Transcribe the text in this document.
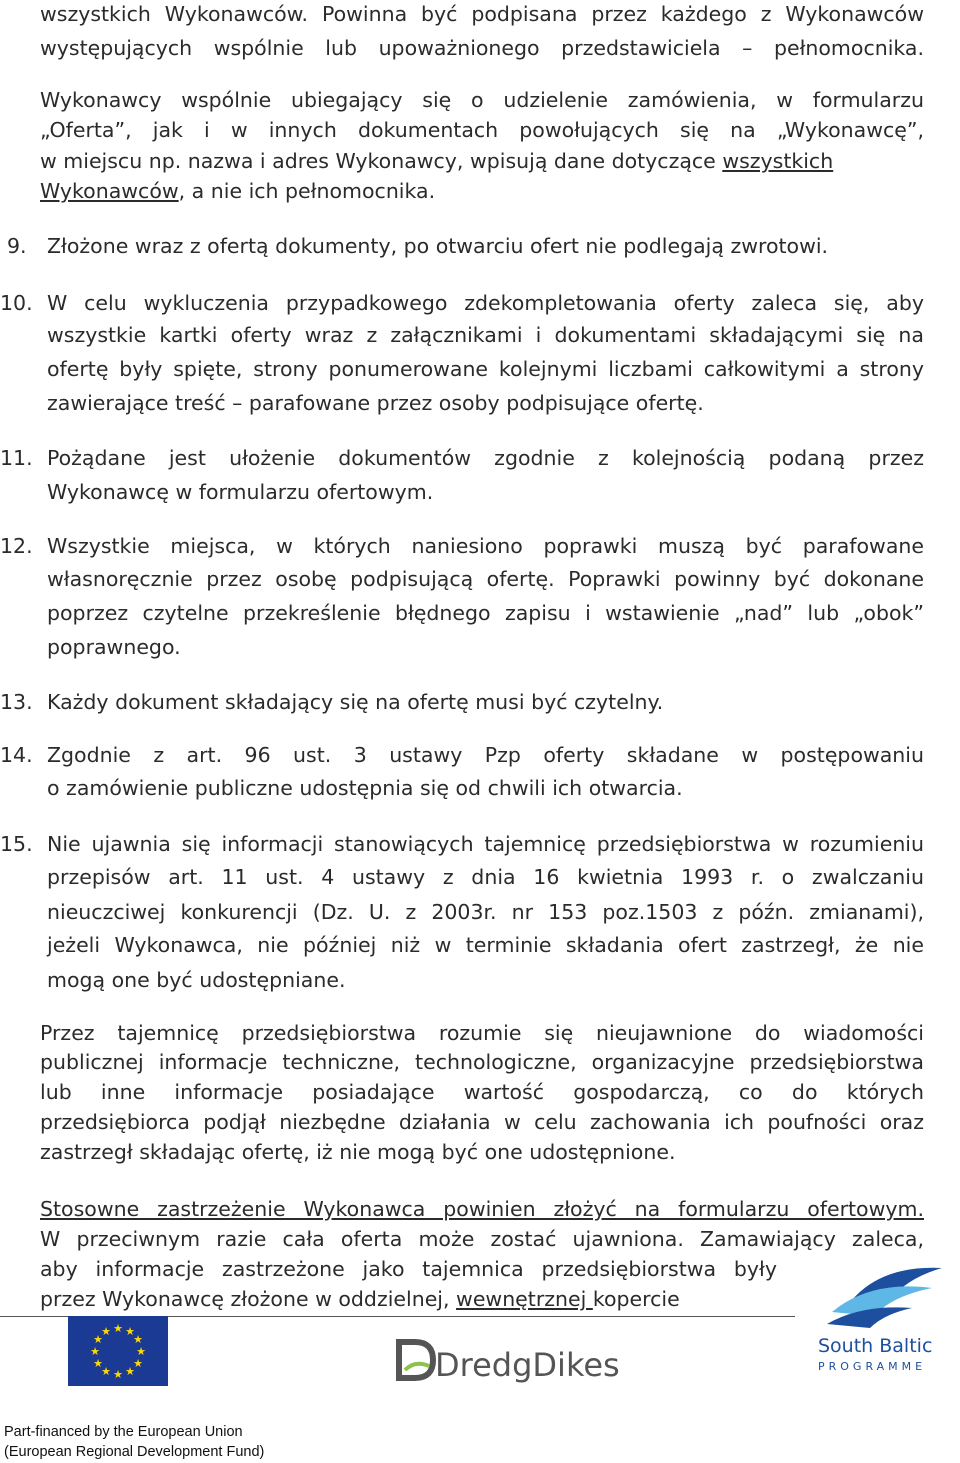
wszystkich Wykonawców. Powinna być podpisana przez każdego z Wykonawców
występujących wspólnie lub upoważnionego przedstawiciela – pełnomocnika.
Wykonawcy wspólnie ubiegający się o udzielenie zamówienia, w formularzu
„Oferta”, jak i w innych dokumentach powołujących się na „Wykonawcę”,
w miejscu np. nazwa i adres Wykonawcy, wpisują dane dotyczące wszystkich
Wykonawców, a nie ich pełnomocnika.
9. Złożone wraz z ofertą dokumenty, po otwarciu ofert nie podlegają zwrotowi.
10. W celu wykluczenia przypadkowego zdekompletowania oferty zaleca się, aby
wszystkie kartki oferty wraz z załącznikami i dokumentami składającymi się na
ofertę były spięte, strony ponumerowane kolejnymi liczbami całkowitymi a strony
zawierające treść – parafowane przez osoby podpisujące ofertę.
11. Pożądane jest ułożenie dokumentów zgodnie z kolejnością podaną przez
Wykonawcę w formularzu ofertowym.
12. Wszystkie miejsca, w których naniesiono poprawki muszą być parafowane
własnoręcznie przez osobę podpisującą ofertę. Poprawki powinny być dokonane
poprzez czytelne przekreślenie błędnego zapisu i wstawienie „nad” lub „obok”
poprawnego.
13. Każdy dokument składający się na ofertę musi być czytelny.
14. Zgodnie z art. 96 ust. 3 ustawy Pzp oferty składane w postępowaniu
o zamówienie publiczne udostępnia się od chwili ich otwarcia.
15. Nie ujawnia się informacji stanowiących tajemnicę przedsiębiorstwa w rozumieniu
przepisów art. 11 ust. 4 ustawy z dnia 16 kwietnia 1993 r. o zwalczaniu
nieuczciwej konkurencji (Dz. U. z 2003r. nr 153 poz.1503 z późn. zmianami),
jeżeli Wykonawca, nie później niż w terminie składania ofert zastrzegł, że nie
mogą one być udostępniane.
Przez tajemnicę przedsiębiorstwa rozumie się nieujawnione do wiadomości
publicznej informacje techniczne, technologiczne, organizacyjne przedsiębiorstwa
lub inne informacje posiadające wartość gospodarczą, co do których
przedsiębiorca podjął niezbędne działania w celu zachowania ich poufności oraz
zastrzegł składając ofertę, iż nie mogą być one udostępnione.
Stosowne zastrzeżenie Wykonawca powinien złożyć na formularzu ofertowym.
W przeciwnym razie cała oferta może zostać ujawniona. Zamawiający zaleca,
aby informacje zastrzeżone jako tajemnica przedsiębiorstwa były
przez Wykonawcę złożone w oddzielnej, wewnętrznej kopercie
★ ★
★
★
★
★
★
★
★
★
★
★
DredgDikes	South Baltic
PROGRAMME
Part-financed by the European Union
(European Regional Development Fund)
